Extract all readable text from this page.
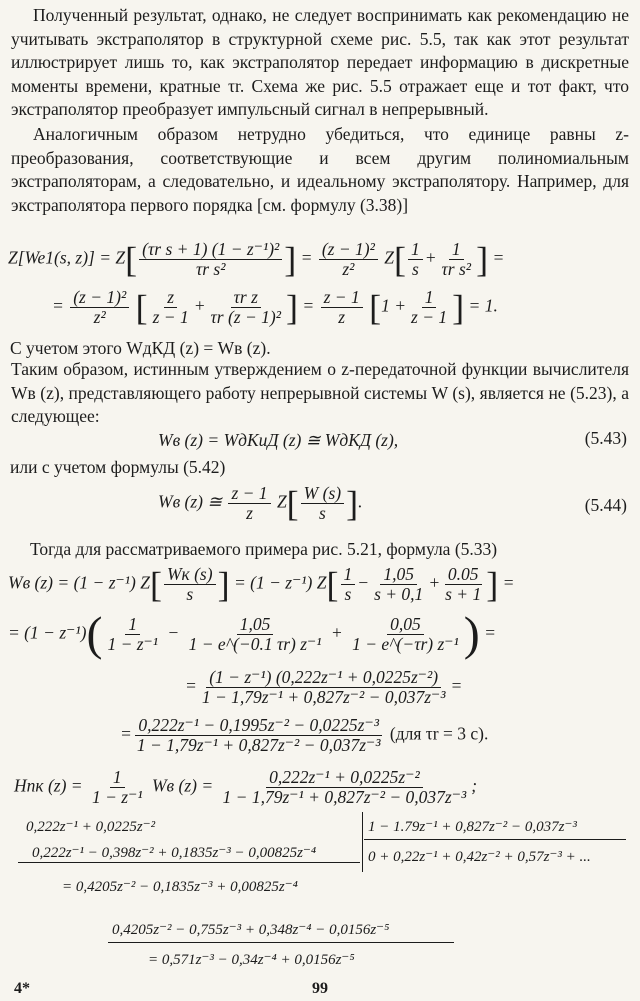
Полученный результат, однако, не следует воспринимать как рекомендацию не учитывать экстраполятор в структурной схеме рис. 5.5, так как этот результат иллюстрирует лишь то, как экстраполятор передает информацию в дискретные моменты времени, кратные τr. Схема же рис. 5.5 отражает еще и тот факт, что экстраполятор преобразует импульсный сигнал в непрерывный.
Аналогичным образом нетрудно убедиться, что единице равны z-преобразования, соответствующие и всем другим полиномиальным экстраполяторам, а следовательно, и идеальному экстраполятору. Например, для экстраполятора первого порядка [см. формулу (3.38)]
Z[We1(s, $z)] = Z[ \frac{\text{(τr s + 1) (1 − z⁻¹)²}}{\text{τr s²}}$ ] = $\frac{\text{(z − 1)²}}{\text{z²}} Z[ \frac{1}{s} + \frac{1}{\text{τr s²}}$ ] =
= $\frac{\text{(z − 1)²}}{\text{z²}}$ [ $\frac{z}{z - 1} + \frac{\text{τr z}}{\text{τr (z − 1)²}}$ ] = $\frac{z - 1}{z} [1 + \frac{1}{z - 1}$ ] = 1.
С учетом этого WдКД (z) = Wв (z).
Таким образом, истинным утверждением о z-передаточной функции вычислителя Wв (z), представляющего работу непрерывной системы W (s), является не (5.23), а следующее:
Wв (z) = WдКиД (z) ≅ WдКД (z),	(5.43)
или с учетом формулы (5.42)
Wв (z) ≅ $\frac{z - 1}{z} Z[ \frac{W (s)}{s}$ ].	(5.44)
Тогда для рассматриваемого примера рис. 5.21, формула (5.33)
Wв (z) = (1 − z⁻¹) $Z[ \frac{Wк (s)}{s}$ ] = (1 − z⁻¹) $Z[ \frac{1}{s} - \frac{1,05}{s + 0,1} + \frac{0.05}{s + 1}$ ] =
= $(1 - z^{-1})( \frac{1}{\text{1 − z⁻¹}} - \frac{1,05}{\text{1 − e\textasciicircum{}(−0.1 τr) z⁻¹}} + \frac{0,05}{\text{1 − e\textasciicircum{}(−τr) z⁻¹}}$ ) =
= $\frac{\text{(1 − z⁻¹) (0,222z⁻¹ + 0,0225z⁻²)}}{\text{1 − 1,79z⁻¹ + 0,827z⁻² − 0,037z⁻³}}$ =
= $\frac{\text{0,222z⁻¹ − 0,1995z⁻² − 0,0225z⁻³}}{\text{1 − 1,79z⁻¹ + 0,827z⁻² − 0,037z⁻³}} (для$ τr = 3 с).
Hпк $(z) = \frac{1}{\text{1 − z⁻¹}}$ Wв $(z) = \frac{\text{0,222z⁻¹ + 0,0225z⁻²}}{\text{1 − 1,79z⁻¹ + 0,827z⁻² − 0,037z⁻³}}$ ;
0,222z⁻¹ + 0,0225z⁻²
0,222z⁻¹ − 0,398z⁻² + 0,1835z⁻³ − 0,00825z⁻⁴
1 − 1.79z⁻¹ + 0,827z⁻² − 0,037z⁻³
0 + 0,22z⁻¹ + 0,42z⁻² + 0,57z⁻³ + ...
= 0,4205z⁻² − 0,1835z⁻³ + 0,00825z⁻⁴
0,4205z⁻² − 0,755z⁻³ + 0,348z⁻⁴ − 0,0156z⁻⁵
= 0,571z⁻³ − 0,34z⁻⁴ + 0,0156z⁻⁵
4*	99
